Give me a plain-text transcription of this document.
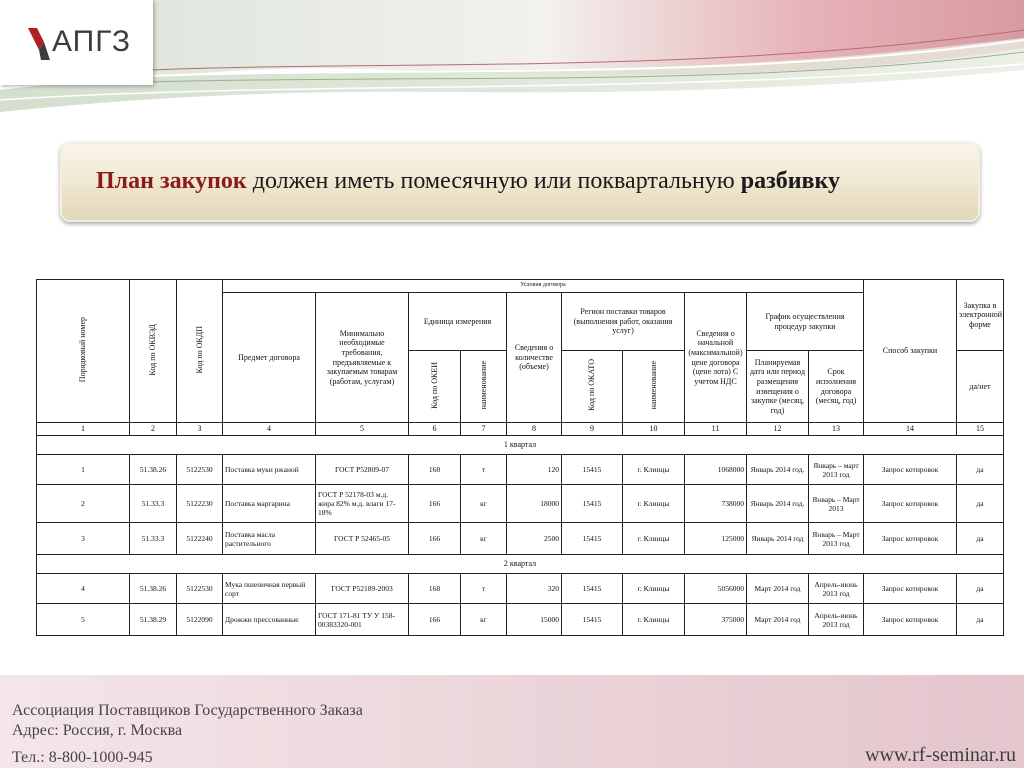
АПГЗ
План закупок должен иметь помесячную или поквартальную разбивку
Порядковый номер	Код по ОКВЭД	Код по ОКДП	Условия договора										Способ закупки	Закупка в электронной форме
			Предмет договора	Минимально необходимые требования, предъявляемые к закупаемым товарам (работам, услугам)	Единица измерения		Сведения о количестве (объеме)	Регион поставки товаров (выполнения работ, оказания услуг)		Сведения о начальной (максимальной) цене договора (цене лота) С учетом НДС	График осуществления процедур закупки			
					Код по ОКЕИ	наименование		Код по ОКАТО	наименование		Планируемая дата или период размещения извещения о закупке (месяц, год)	Срок исполнения договора (месяц, год)		да/нет
1	2	3	4	5	6	7	8	9	10	11	12	13	14	15
1 квартал														
1	51.38.26	5122530	Поставка муки ржаной	ГОСТ Р52809-07	168	т	120	15415	г. Клинцы	1068000	Январь 2014 год.	Январь – март 2013 год	Запрос котировок	да
2	51.33.3	5122230	Поставка маргарина	ГОСТ Р 52178-03 м.д. жира 82% м.д. влаги 17-18%	166	кг	18000	15415	г. Клинцы	738000	Январь 2014 год.	Январь – Март 2013	Запрос котировок	да
3	51.33.3	5122240	Поставка масла растительного	ГОСТ Р 52465-05	166	кг	2500	15415	г. Клинцы	125000	Январь 2014 год	Январь – Март 2013 год	Запрос котировок	да
2 квартал														
4	51.38.26	5122530	Мука пшеничная первый сорт	ГОСТ Р52189-2003	168	т	320	15415	г. Клинцы	5056000	Март 2014 год	Апрель-июнь 2013 год	Запрос котировок	да
5	51.38.29	5122090	Дрожжи прессованные	ГОСТ 171-81 ТУ У 158-00383320-001	166	кг	15000	15415	г. Клинцы	375000	Март 2014 год	Апрель-июнь 2013 год	Запрос котировок	да
Ассоциация Поставщиков Государственного Заказа
Адрес: Россия, г. Москва
Тел.: 8-800-1000-945	www.rf-seminar.ru
